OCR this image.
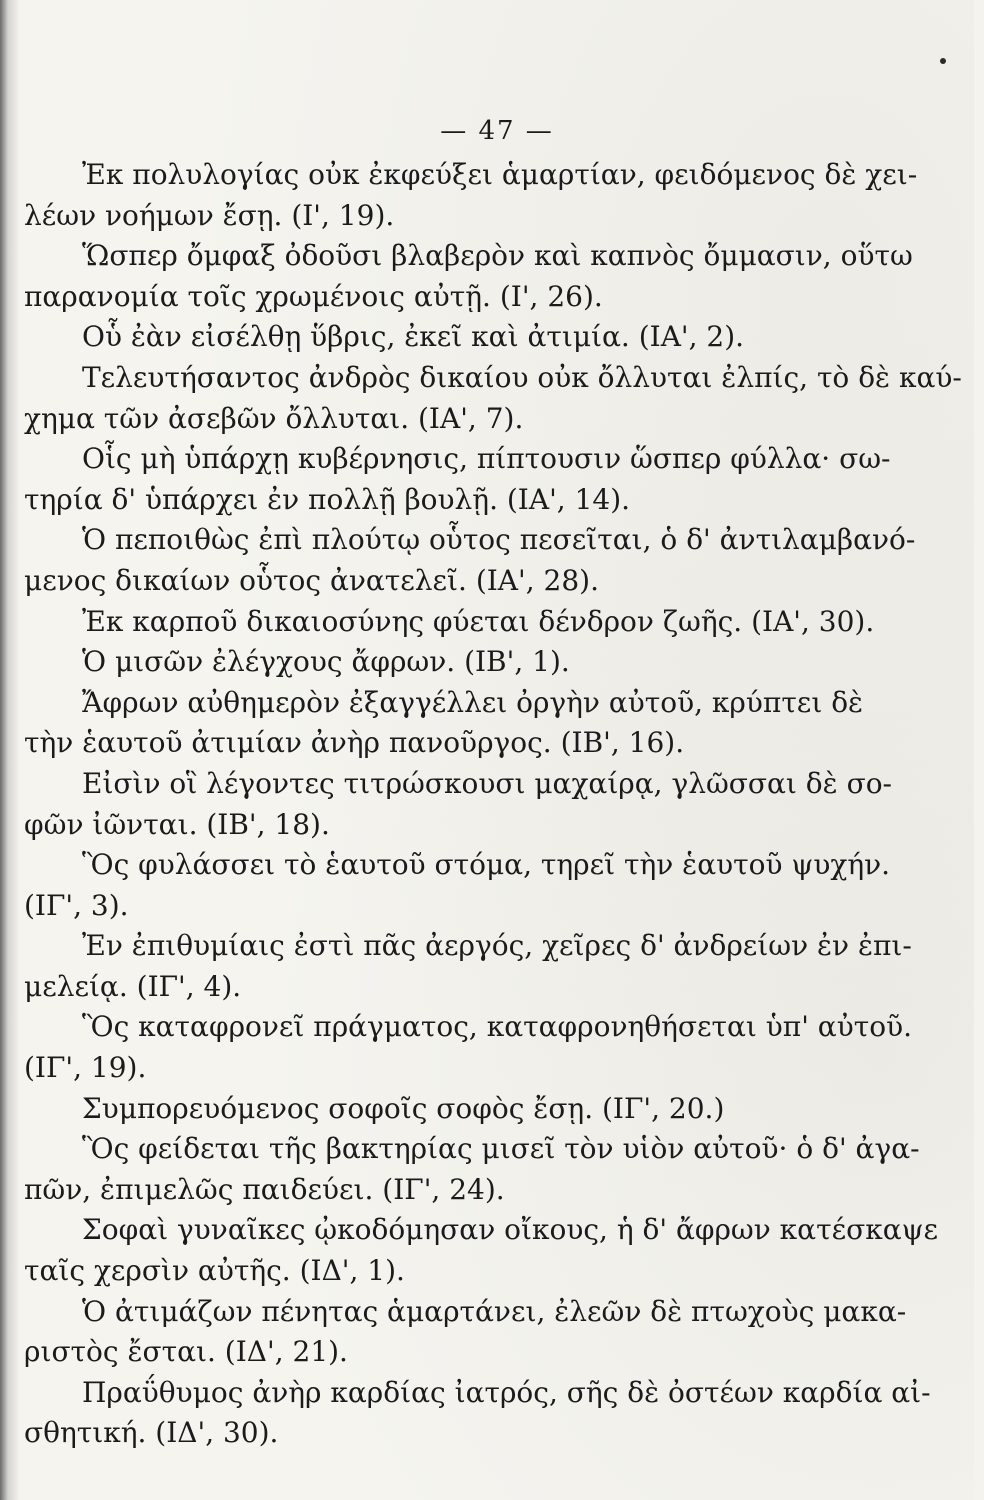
— 47 —
Ἐκ πολυλογίας οὐκ ἐκφεύξει ἁμαρτίαν, φειδόμενος δὲ χει-
λέων νοήμων ἔσῃ. (Ι', 19).
Ὥσπερ ὄμφαξ ὀδοῦσι βλαβερὸν καὶ καπνὸς ὄμμασιν, οὕτω
παρανομία τοῖς χρωμένοις αὐτῇ. (Ι', 26).
Οὗ ἐὰν εἰσέλθῃ ὕβρις, ἐκεῖ καὶ ἀτιμία. (ΙΑ', 2).
Τελευτήσαντος ἀνδρὸς δικαίου οὐκ ὄλλυται ἐλπίς, τὸ δὲ καύ-
χημα τῶν ἀσεβῶν ὄλλυται. (ΙΑ', 7).
Οἷς μὴ ὑπάρχῃ κυβέρνησις, πίπτουσιν ὥσπερ φύλλα· σω-
τηρία δ' ὑπάρχει ἐν πολλῇ βουλῇ. (ΙΑ', 14).
Ὁ πεποιθὼς ἐπὶ πλούτῳ οὗτος πεσεῖται, ὁ δ' ἀντιλαμβανό-
μενος δικαίων οὗτος ἀνατελεῖ. (ΙΑ', 28).
Ἐκ καρποῦ δικαιοσύνης φύεται δένδρον ζωῆς. (ΙΑ', 30).
Ὁ μισῶν ἐλέγχους ἄφρων. (ΙΒ', 1).
Ἄφρων αὐθημερὸν ἐξαγγέλλει ὀργὴν αὐτοῦ, κρύπτει δὲ
τὴν ἑαυτοῦ ἀτιμίαν ἀνὴρ πανοῦργος. (ΙΒ', 16).
Εἰσὶν οἳ λέγοντες τιτρώσκουσι μαχαίρᾳ, γλῶσσαι δὲ σο-
φῶν ἰῶνται. (ΙΒ', 18).
Ὃς φυλάσσει τὸ ἑαυτοῦ στόμα, τηρεῖ τὴν ἑαυτοῦ ψυχήν.
(ΙΓ', 3).
Ἐν ἐπιθυμίαις ἐστὶ πᾶς ἀεργός, χεῖρες δ' ἀνδρείων ἐν ἐπι-
μελείᾳ. (ΙΓ', 4).
Ὃς καταφρονεῖ πράγματος, καταφρονηθήσεται ὑπ' αὐτοῦ.
(ΙΓ', 19).
Συμπορευόμενος σοφοῖς σοφὸς ἔσῃ. (ΙΓ', 20.)
Ὃς φείδεται τῆς βακτηρίας μισεῖ τὸν υἱὸν αὐτοῦ· ὁ δ' ἀγα-
πῶν, ἐπιμελῶς παιδεύει. (ΙΓ', 24).
Σοφαὶ γυναῖκες ᾠκοδόμησαν οἴκους, ἡ δ' ἄφρων κατέσκαψε
ταῖς χερσὶν αὐτῆς. (ΙΔ', 1).
Ὁ ἀτιμάζων πένητας ἁμαρτάνει, ἐλεῶν δὲ πτωχοὺς μακα-
ριστὸς ἔσται. (ΙΔ', 21).
Πραΰθυμος ἀνὴρ καρδίας ἰατρός, σῆς δὲ ὀστέων καρδία αἰ-
σθητική. (ΙΔ', 30).
